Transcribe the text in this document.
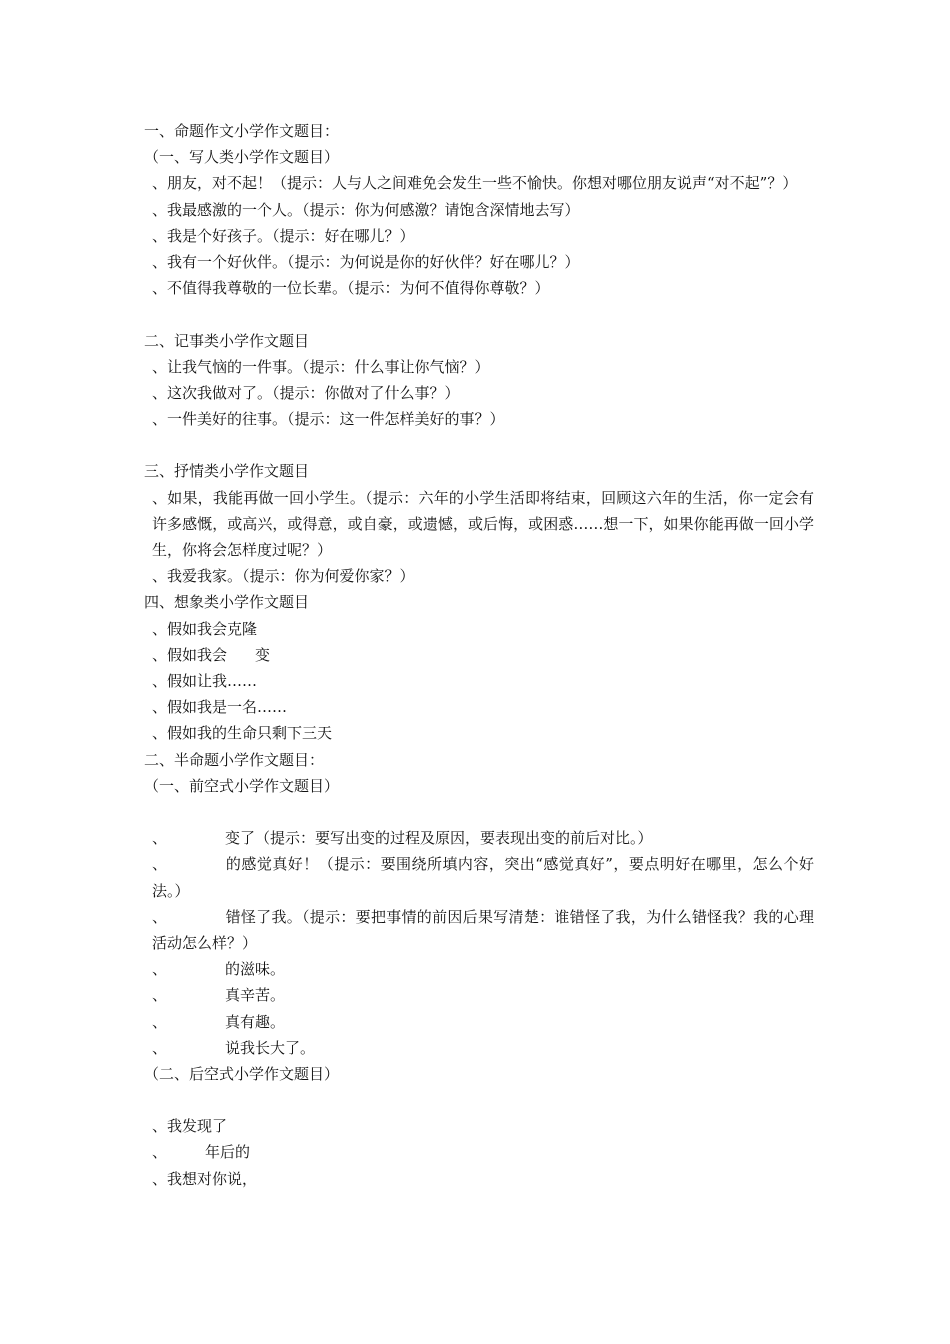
一、命题作文小学作文题目：
（一、写人类小学作文题目）
、朋友，对不起！（提示：人与人之间难免会发生一些不愉快。你想对哪位朋友说声“对不起”？）
、我最感激的一个人。（提示：你为何感激？请饱含深情地去写）
、我是个好孩子。（提示：好在哪儿？）
、我有一个好伙伴。（提示：为何说是你的好伙伴？好在哪儿？）
、不值得我尊敬的一位长辈。（提示：为何不值得你尊敬？）
二、记事类小学作文题目
、让我气恼的一件事。（提示：什么事让你气恼？）
、这次我做对了。（提示：你做对了什么事？）
、一件美好的往事。（提示：这一件怎样美好的事？）
三、抒情类小学作文题目
、如果，我能再做一回小学生。（提示：六年的小学生活即将结束，回顾这六年的生活，你一定会有许多感慨，或高兴，或得意，或自豪，或遗憾，或后悔，或困惑……想一下，如果你能再做一回小学生，你将会怎样度过呢？）
、我爱我家。（提示：你为何爱你家？）
四、想象类小学作文题目
、假如我会克隆
、假如我会 变
、假如让我……
、假如我是一名……
、假如我的生命只剩下三天
二、半命题小学作文题目：
（一、前空式小学作文题目）
、	变了（提示：要写出变的过程及原因，要表现出变的前后对比。）
、	的感觉真好！（提示：要围绕所填内容，突出“感觉真好”，要点明好在哪里，怎么个好法。）
、	错怪了我。（提示：要把事情的前因后果写清楚：谁错怪了我，为什么错怪我？我的心理活动怎么样？）
、	的滋味。
、	真辛苦。
、	真有趣。
、	说我长大了。
（二、后空式小学作文题目）
、我发现了
、	年后的
、我想对你说，
